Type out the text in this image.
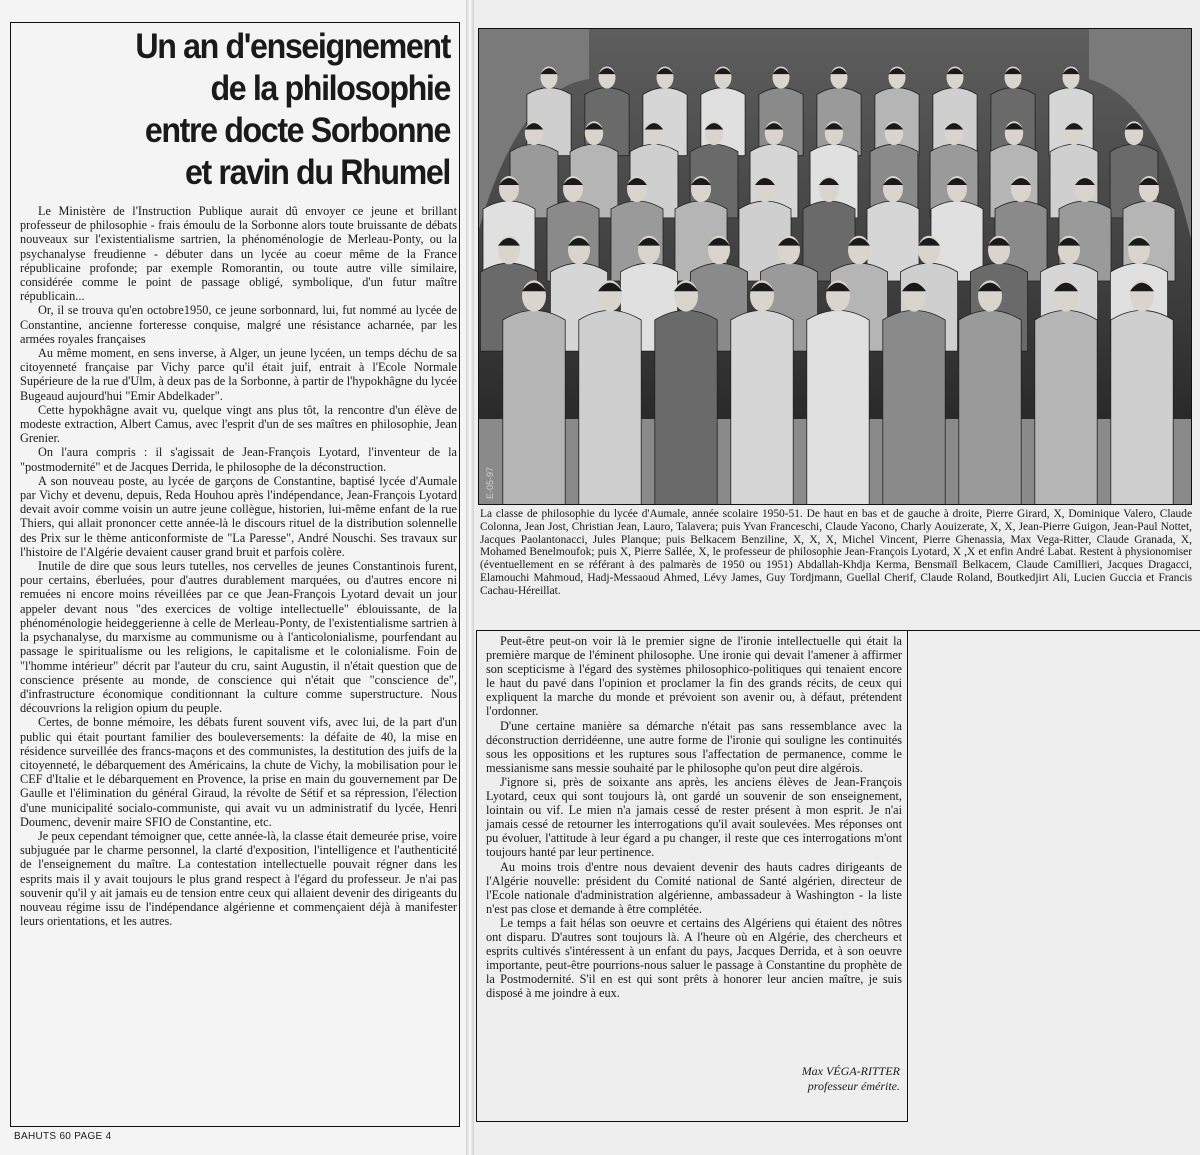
Un an d'enseignement
de la philosophie
entre docte Sorbonne
et ravin du Rhumel

Le Ministère de l'Instruction Publique aurait dû envoyer ce jeune et brillant professeur de philosophie - frais émoulu de la Sorbonne alors toute bruissante de débats nouveaux sur l'existentialisme sartrien, la phénoménologie de Merleau-Ponty, ou la psychanalyse freudienne - débuter dans un lycée au coeur même de la France républicaine profonde; par exemple Romorantin, ou toute autre ville similaire, considérée comme le point de passage obligé, symbolique, d'un futur maître républicain...

Or, il se trouva qu'en octobre1950, ce jeune sorbonnard, lui, fut nommé au lycée de Constantine, ancienne forteresse conquise, malgré une résistance acharnée, par les armées royales françaises

Au même moment, en sens inverse, à Alger, un jeune lycéen, un temps déchu de sa citoyenneté française par Vichy parce qu'il était juif, entrait à l'Ecole Normale Supérieure de la rue d'Ulm, à deux pas de la Sorbonne, à partir de l'hypokhâgne du lycée Bugeaud aujourd'hui "Emir Abdelkader".

Cette hypokhâgne avait vu, quelque vingt ans plus tôt, la rencontre d'un élève de modeste extraction, Albert Camus, avec l'esprit d'un de ses maîtres en philosophie, Jean Grenier.

On l'aura compris : il s'agissait de Jean-François Lyotard, l'inventeur de la "postmodernité" et de Jacques Derrida, le philosophe de la déconstruction.

A son nouveau poste, au lycée de garçons de Constantine, baptisé lycée d'Aumale par Vichy et devenu, depuis, Reda Houhou après l'indépendance, Jean-François Lyotard devait avoir comme voisin un autre jeune collègue, historien, lui-même enfant de la rue Thiers, qui allait prononcer cette année-là le discours rituel de la distribution solennelle des Prix sur le thème anticonformiste de "La Paresse", André Nouschi. Ses travaux sur l'histoire de l'Algérie devaient causer grand bruit et parfois colère.

Inutile de dire que sous leurs tutelles, nos cervelles de jeunes Constantinois furent, pour certains, éberluées, pour d'autres durablement marquées, ou d'autres encore ni remuées ni encore moins réveillées par ce que Jean-François Lyotard devait un jour appeler devant nous "des exercices de voltige intellectuelle" éblouissante, de la phénoménologie heideggerienne à celle de Merleau-Ponty, de l'existentialisme sartrien à la psychanalyse, du marxisme au communisme ou à l'anticolonialisme, pourfendant au passage le spiritualisme ou les religions, le capitalisme et le colonialisme. Foin de "l'homme intérieur" décrit par l'auteur du cru, saint Augustin, il n'était question que de conscience présente au monde, de conscience qui n'était que "conscience de", d'infrastructure économique conditionnant la culture comme superstructure. Nous découvrions la religion opium du peuple.

Certes, de bonne mémoire, les débats furent souvent vifs, avec lui, de la part d'un public qui était pourtant familier des bouleversements: la défaite de 40, la mise en résidence surveillée des francs-maçons et des communistes, la destitution des juifs de la citoyenneté, le débarquement des Américains, la chute de Vichy, la mobilisation pour le CEF d'Italie et le débarquement en Provence, la prise en main du gouvernement par De Gaulle et l'élimination du général Giraud, la révolte de Sétif et sa répression, l'élection d'une municipalité socialo-communiste, qui avait vu un administratif du lycée, Henri Doumenc, devenir maire SFIO de Constantine, etc.

Je peux cependant témoigner que, cette année-là, la classe était demeurée prise, voire subjuguée par le charme personnel, la clarté d'exposition, l'intelligence et l'authenticité de l'enseignement du maître. La contestation intellectuelle pouvait régner dans les esprits mais il y avait toujours le plus grand respect à l'égard du professeur. Je n'ai pas souvenir qu'il y ait jamais eu de tension entre ceux qui allaient devenir des dirigeants du nouveau régime issu de l'indépendance algérienne et commençaient déjà à manifester leurs orientations, et les autres.

BAHUTS 60 PAGE 4
E-05-97
La classe de philosophie du lycée d'Aumale, année scolaire 1950-51. De haut en bas et de gauche à droite, Pierre Girard, X, Dominique Valero, Claude Colonna, Jean Jost, Christian Jean, Lauro, Talavera; puis Yvan Franceschi, Claude Yacono, Charly Aouizerate, X, X, Jean-Pierre Guigon, Jean-Paul Nottet, Jacques Paolantonacci, Jules Planque; puis Belkacem Benziline, X, X, X, Michel Vincent, Pierre Ghenassia, Max Vega-Ritter, Claude Granada, X, Mohamed Benelmoufok; puis X, Pierre Sallée, X, le professeur de philosophie Jean-François Lyotard, X ,X et enfin André Labat. Restent à physionomiser (éventuellement en se référant à des palmarès de 1950 ou 1951) Abdallah-Khdja Kerma, Bensmaïl Belkacem, Claude Camillieri, Jacques Dragacci, Elamouchi Mahmoud, Hadj-Messaoud Ahmed, Lévy James, Guy Tordjmann, Guellal Cherif, Claude Roland, Boutkedjirt Ali, Lucien Guccia et Francis Cachau-Héreillat.

Peut-être peut-on voir là le premier signe de l'ironie intellectuelle qui était la première marque de l'éminent philosophe. Une ironie qui devait l'amener à affirmer son scepticisme à l'égard des systèmes philosophico-politiques qui tenaient encore le haut du pavé dans l'opinion et proclamer la fin des grands récits, de ceux qui expliquent la marche du monde et prévoient son avenir ou, à défaut, prétendent l'ordonner.

D'une certaine manière sa démarche n'était pas sans ressemblance avec la déconstruction derridéenne, une autre forme de l'ironie qui souligne les continuités sous les oppositions et les ruptures sous l'affectation de permanence, comme le messianisme sans messie souhaité par le philosophe qu'on peut dire algérois.

J'ignore si, près de soixante ans après, les anciens élèves de Jean-François Lyotard, ceux qui sont toujours là, ont gardé un souvenir de son enseignement, lointain ou vif. Le mien n'a jamais cessé de rester présent à mon esprit. Je n'ai jamais cessé de retourner les interrogations qu'il avait soulevées. Mes réponses ont pu évoluer, l'attitude à leur égard a pu changer, il reste que ces interrogations m'ont toujours hanté par leur pertinence.

Au moins trois d'entre nous devaient devenir des hauts cadres dirigeants de l'Algérie nouvelle: président du Comité national de Santé algérien, directeur de l'Ecole nationale d'administration algérienne, ambassadeur à Washington - la liste n'est pas close et demande à être complétée.

Le temps a fait hélas son oeuvre et certains des Algériens qui étaient des nôtres ont disparu. D'autres sont toujours là. A l'heure où en Algérie, des chercheurs et esprits cultivés s'intéressent à un enfant du pays, Jacques Derrida, et à son oeuvre importante, peut-être pourrions-nous saluer le passage à Constantine du prophète de la Postmodernité. S'il en est qui sont prêts à honorer leur ancien maître, je suis disposé à me joindre à eux.

Max VÉGA-RITTER
professeur émérite.
